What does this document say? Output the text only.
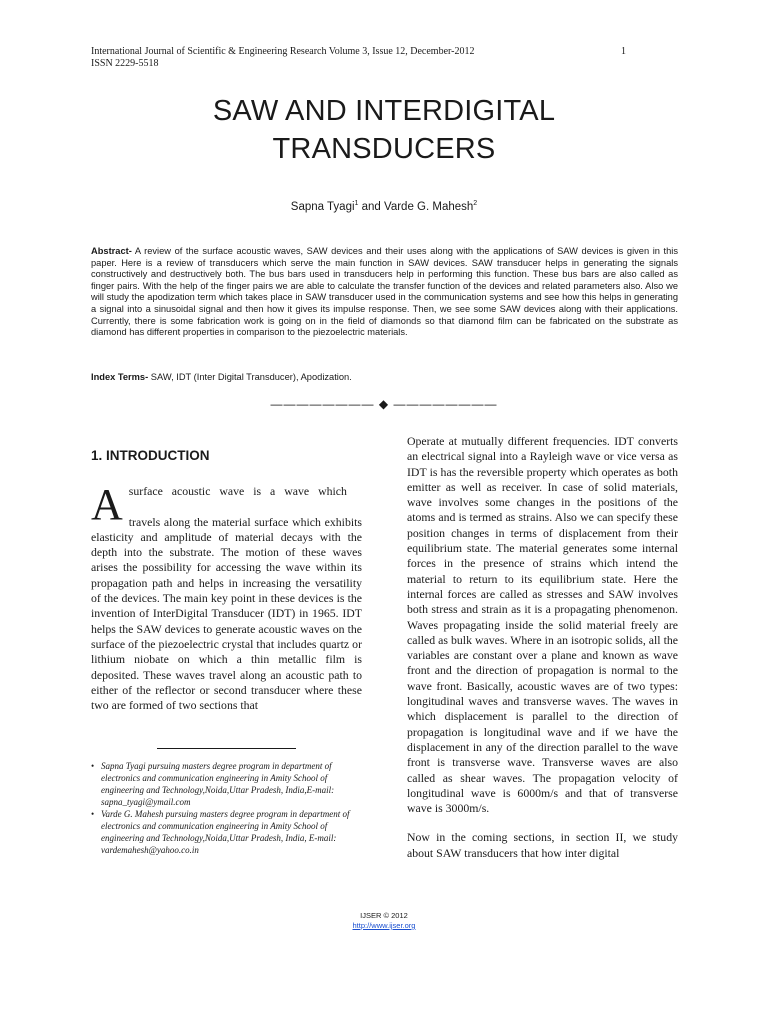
International Journal of Scientific & Engineering Research Volume 3, Issue 12, December-2012
ISSN 2229-5518
1
SAW AND INTERDIGITAL
TRANSDUCERS
Sapna Tyagi$^1$ and Varde G. Mahesh$^2$
Abstract- A review of the surface acoustic waves, SAW devices and their uses along with the applications of SAW devices is given in this paper. Here is a review of transducers which serve the main function in SAW devices. SAW transducer helps in generating the signals constructively and destructively both. The bus bars used in transducers help in performing this function. These bus bars are also called as finger pairs. With the help of the finger pairs we are able to calculate the transfer function of the devices and related parameters also. Also we will study the apodization term which takes place in SAW transducer used in the communication systems and see how this helps in generating a signal into a sinusoidal signal and then how it gives its impulse response. Then, we see some SAW devices along with their applications. Currently, there is some fabrication work is going on in the field of diamonds so that diamond film can be fabricated on the substrate as diamond has different properties in comparison to the piezoelectric materials.
Index Terms- SAW, IDT (Inter Digital Transducer), Apodization.
———————— ◆ ————————
1. INTRODUCTION

Asurface acoustic wave is a wave which

travels along the material surface which exhibits elasticity and amplitude of material decays with the depth into the substrate. The motion of these waves arises the possibility for accessing the wave within its propagation path and helps in increasing the versatility of the devices. The main key point in these devices is the invention of InterDigital Transducer (IDT) in 1965. IDT helps the SAW devices to generate acoustic waves on the surface of the piezoelectric crystal that includes quartz or lithium niobate on which a thin metallic film is deposited. These waves travel along an acoustic path to either of the reflector or second transducer where these two are formed of two sections that

• Sapna Tyagi pursuing masters degree program in department of electronics and communication engineering in Amity School of engineering and Technology,Noida,Uttar Pradesh, India,E-mail: sapna_tyagi@ymail.com
• Varde G. Mahesh pursuing masters degree program in department of electronics and communication engineering in Amity School of engineering and Technology,Noida,Uttar Pradesh, India, E-mail: vardemahesh@yahoo.co.in

Operate at mutually different frequencies. IDT converts an electrical signal into a Rayleigh wave or vice versa as IDT is has the reversible property which operates as both emitter as well as receiver. In case of solid materials, wave involves some changes in the positions of the atoms and is termed as strains. Also we can specify these position changes in terms of displacement from their equilibrium state. The material generates some internal forces in the presence of strains which intend the material to return to its equilibrium state. Here the internal forces are called as stresses and SAW involves both stress and strain as it is a propagating phenomenon. Waves propagating inside the solid material freely are called as bulk waves. Where in an isotropic solids, all the variables are constant over a plane and known as wave front and the direction of propagation is normal to the wave front. Basically, acoustic waves are of two types: longitudinal waves and transverse waves. The waves in which displacement is parallel to the direction of propagation is longitudinal wave and if we have the displacement in any of the direction parallel to the wave front is transverse wave. Transverse waves are also called as shear waves. The propagation velocity of longitudinal wave is 6000m/s and that of transverse wave is 3000m/s.

Now in the coming sections, in section II, we study about SAW transducers that how inter digital

IJSER © 2012
http://www.ijser.org
